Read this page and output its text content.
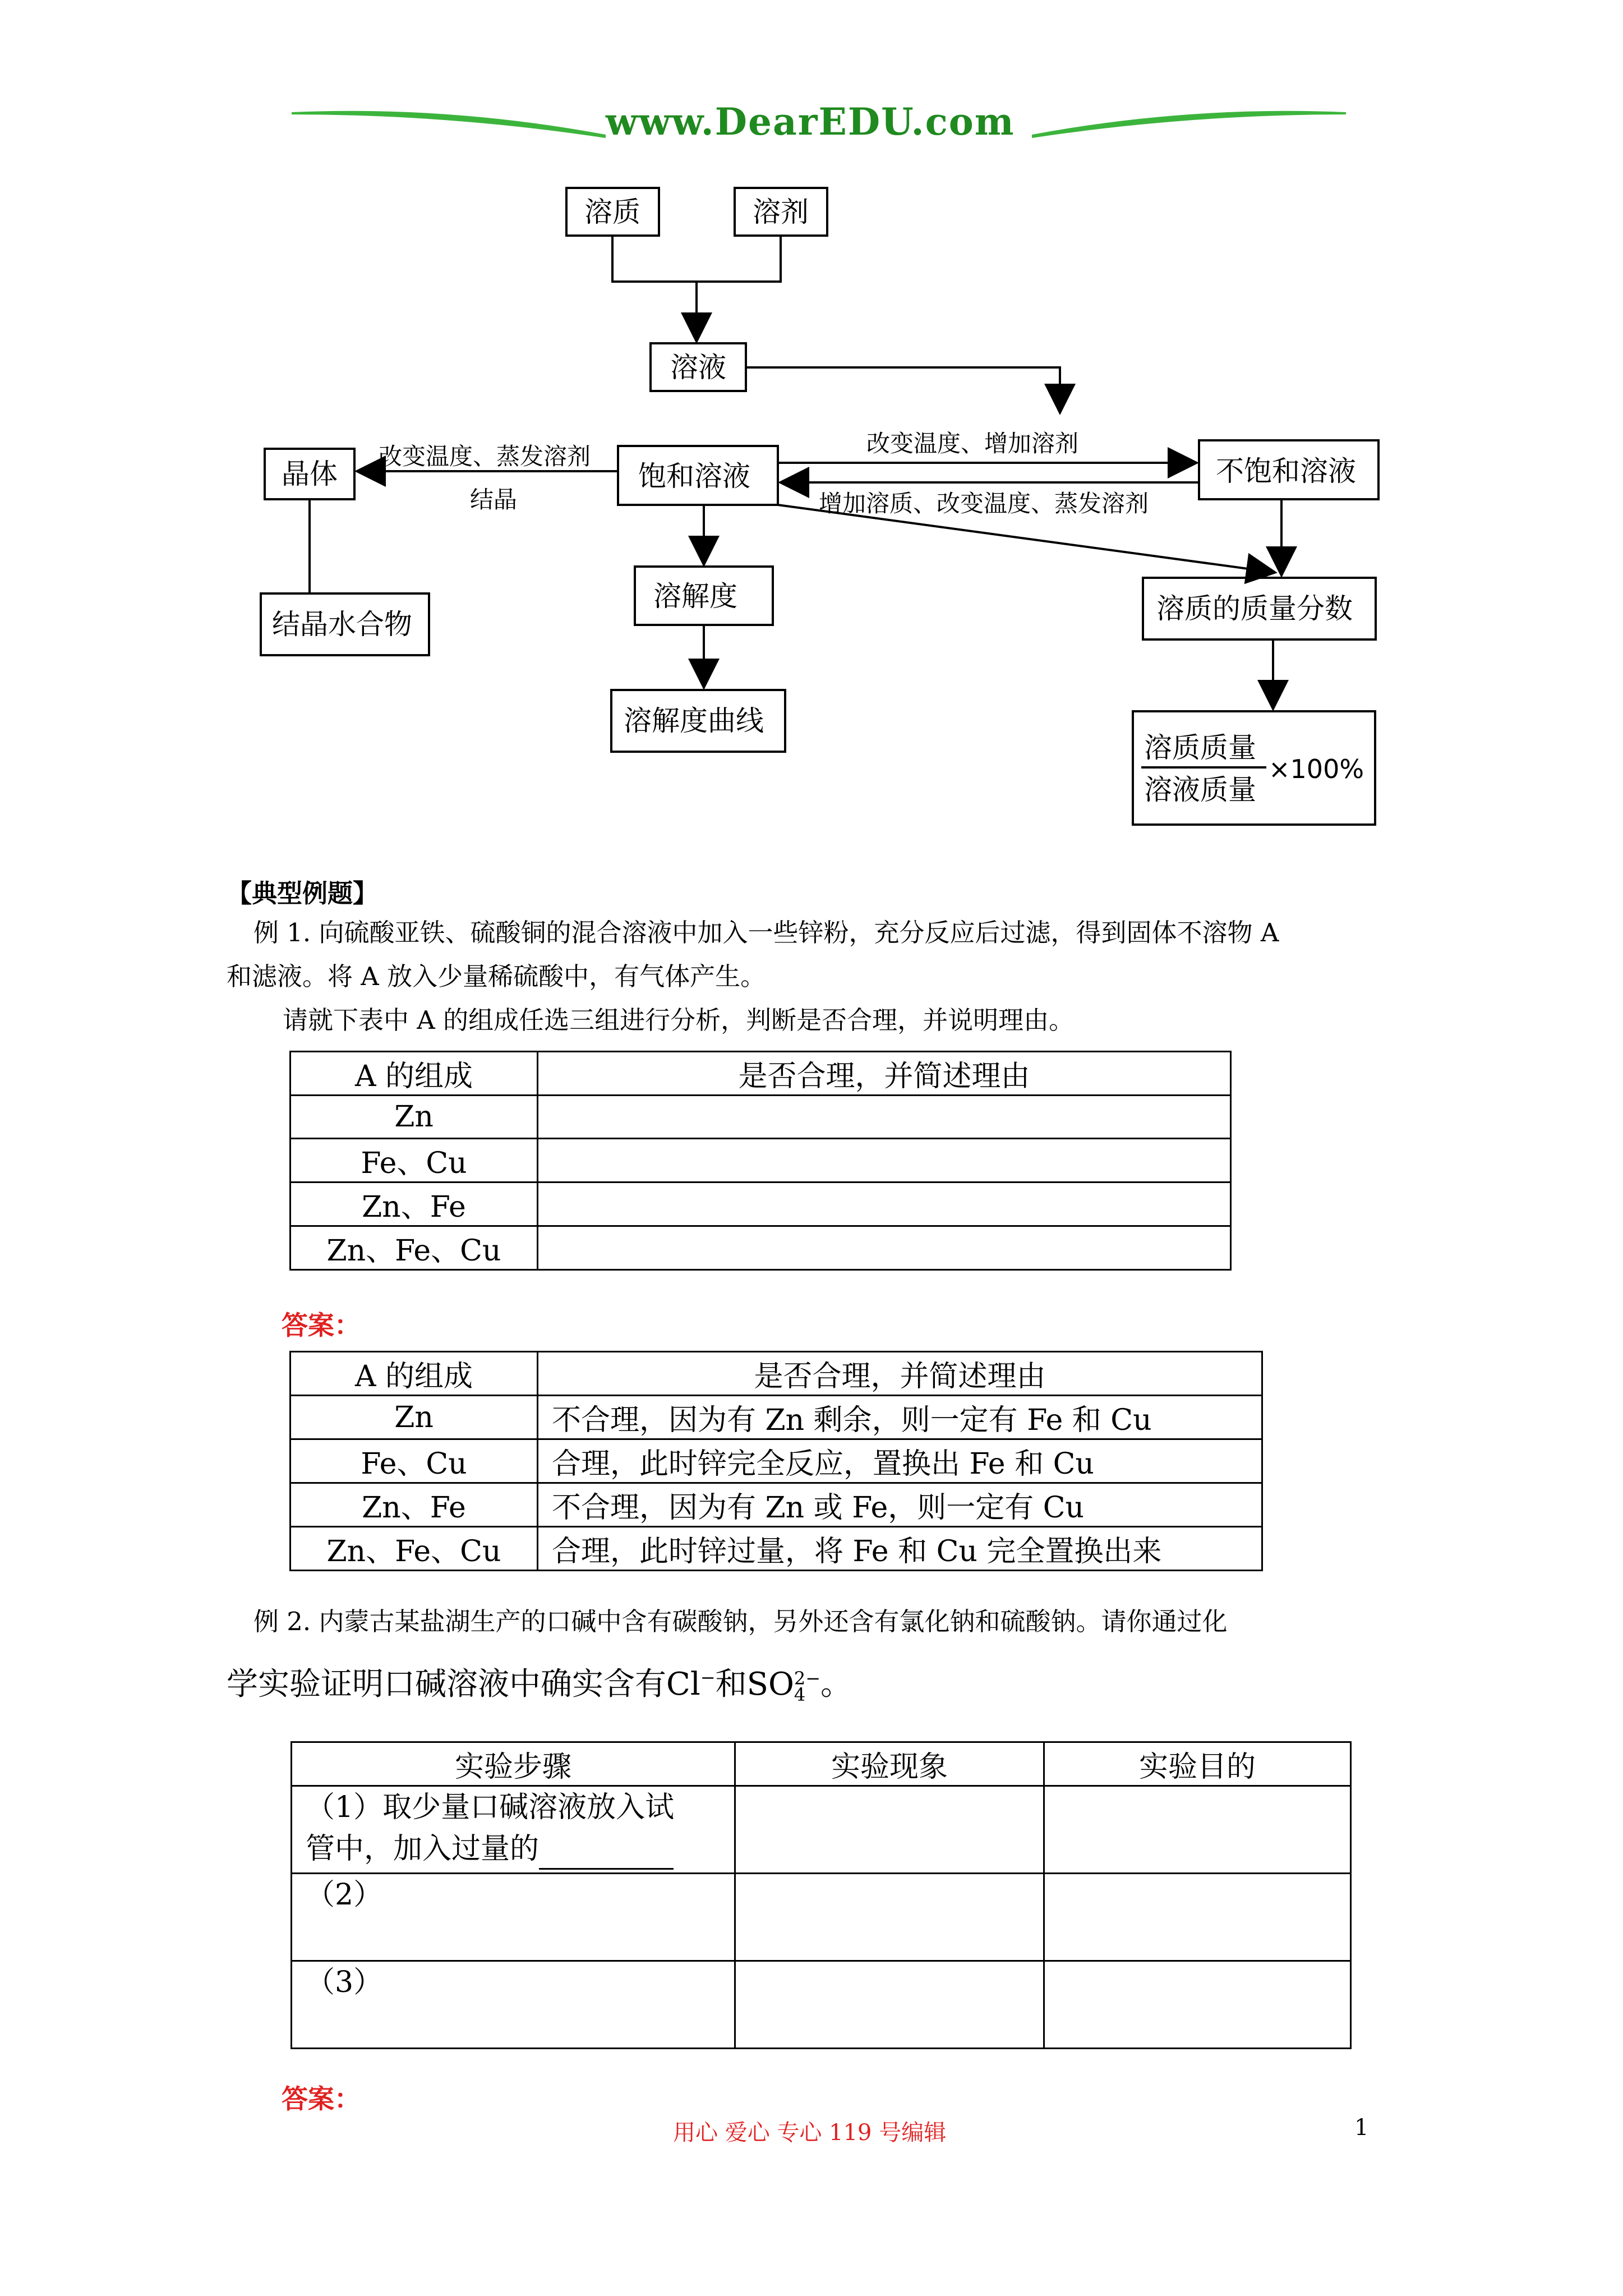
www.DearEDU.com
溶质	溶剂
溶液
晶体	饱和溶液	不饱和溶液
结晶水合物
溶解度	溶质的质量分数
溶解度曲线
溶质质量
溶液质量
×100%
改变温度、蒸发溶剂
结晶
改变温度、增加溶剂
增加溶质、改变温度、蒸发溶剂
【典型例题】
例 1. 向硫酸亚铁、硫酸铜的混合溶液中加入一些锌粉，充分反应后过滤，得到固体不溶物 A
和滤液。将 A 放入少量稀硫酸中，有气体产生。
请就下表中 A 的组成任选三组进行分析，判断是否合理，并说明理由。
A 的组成	是否合理，并简述理由
Zn	
Fe、Cu	
Zn、Fe	
Zn、Fe、Cu	
答案：
A 的组成	是否合理，并简述理由
Zn	不合理，因为有 Zn 剩余，则一定有 Fe 和 Cu
Fe、Cu	合理，此时锌完全反应，置换出 Fe 和 Cu
Zn、Fe	不合理，因为有 Zn 或 Fe，则一定有 Cu
Zn、Fe、Cu	合理，此时锌过量，将 Fe 和 Cu 完全置换出来
例 2. 内蒙古某盐湖生产的口碱中含有碳酸钠，另外还含有氯化钠和硫酸钠。请你通过化
学实验证明口碱溶液中确实含有Cl−和SO 2−
4 。
实验步骤	实验现象	实验目的
（1）取少量口碱溶液放入试
管中，加入过量的		
（2）		
（3）		
答案：
用心 爱心 专心 119 号编辑	1
